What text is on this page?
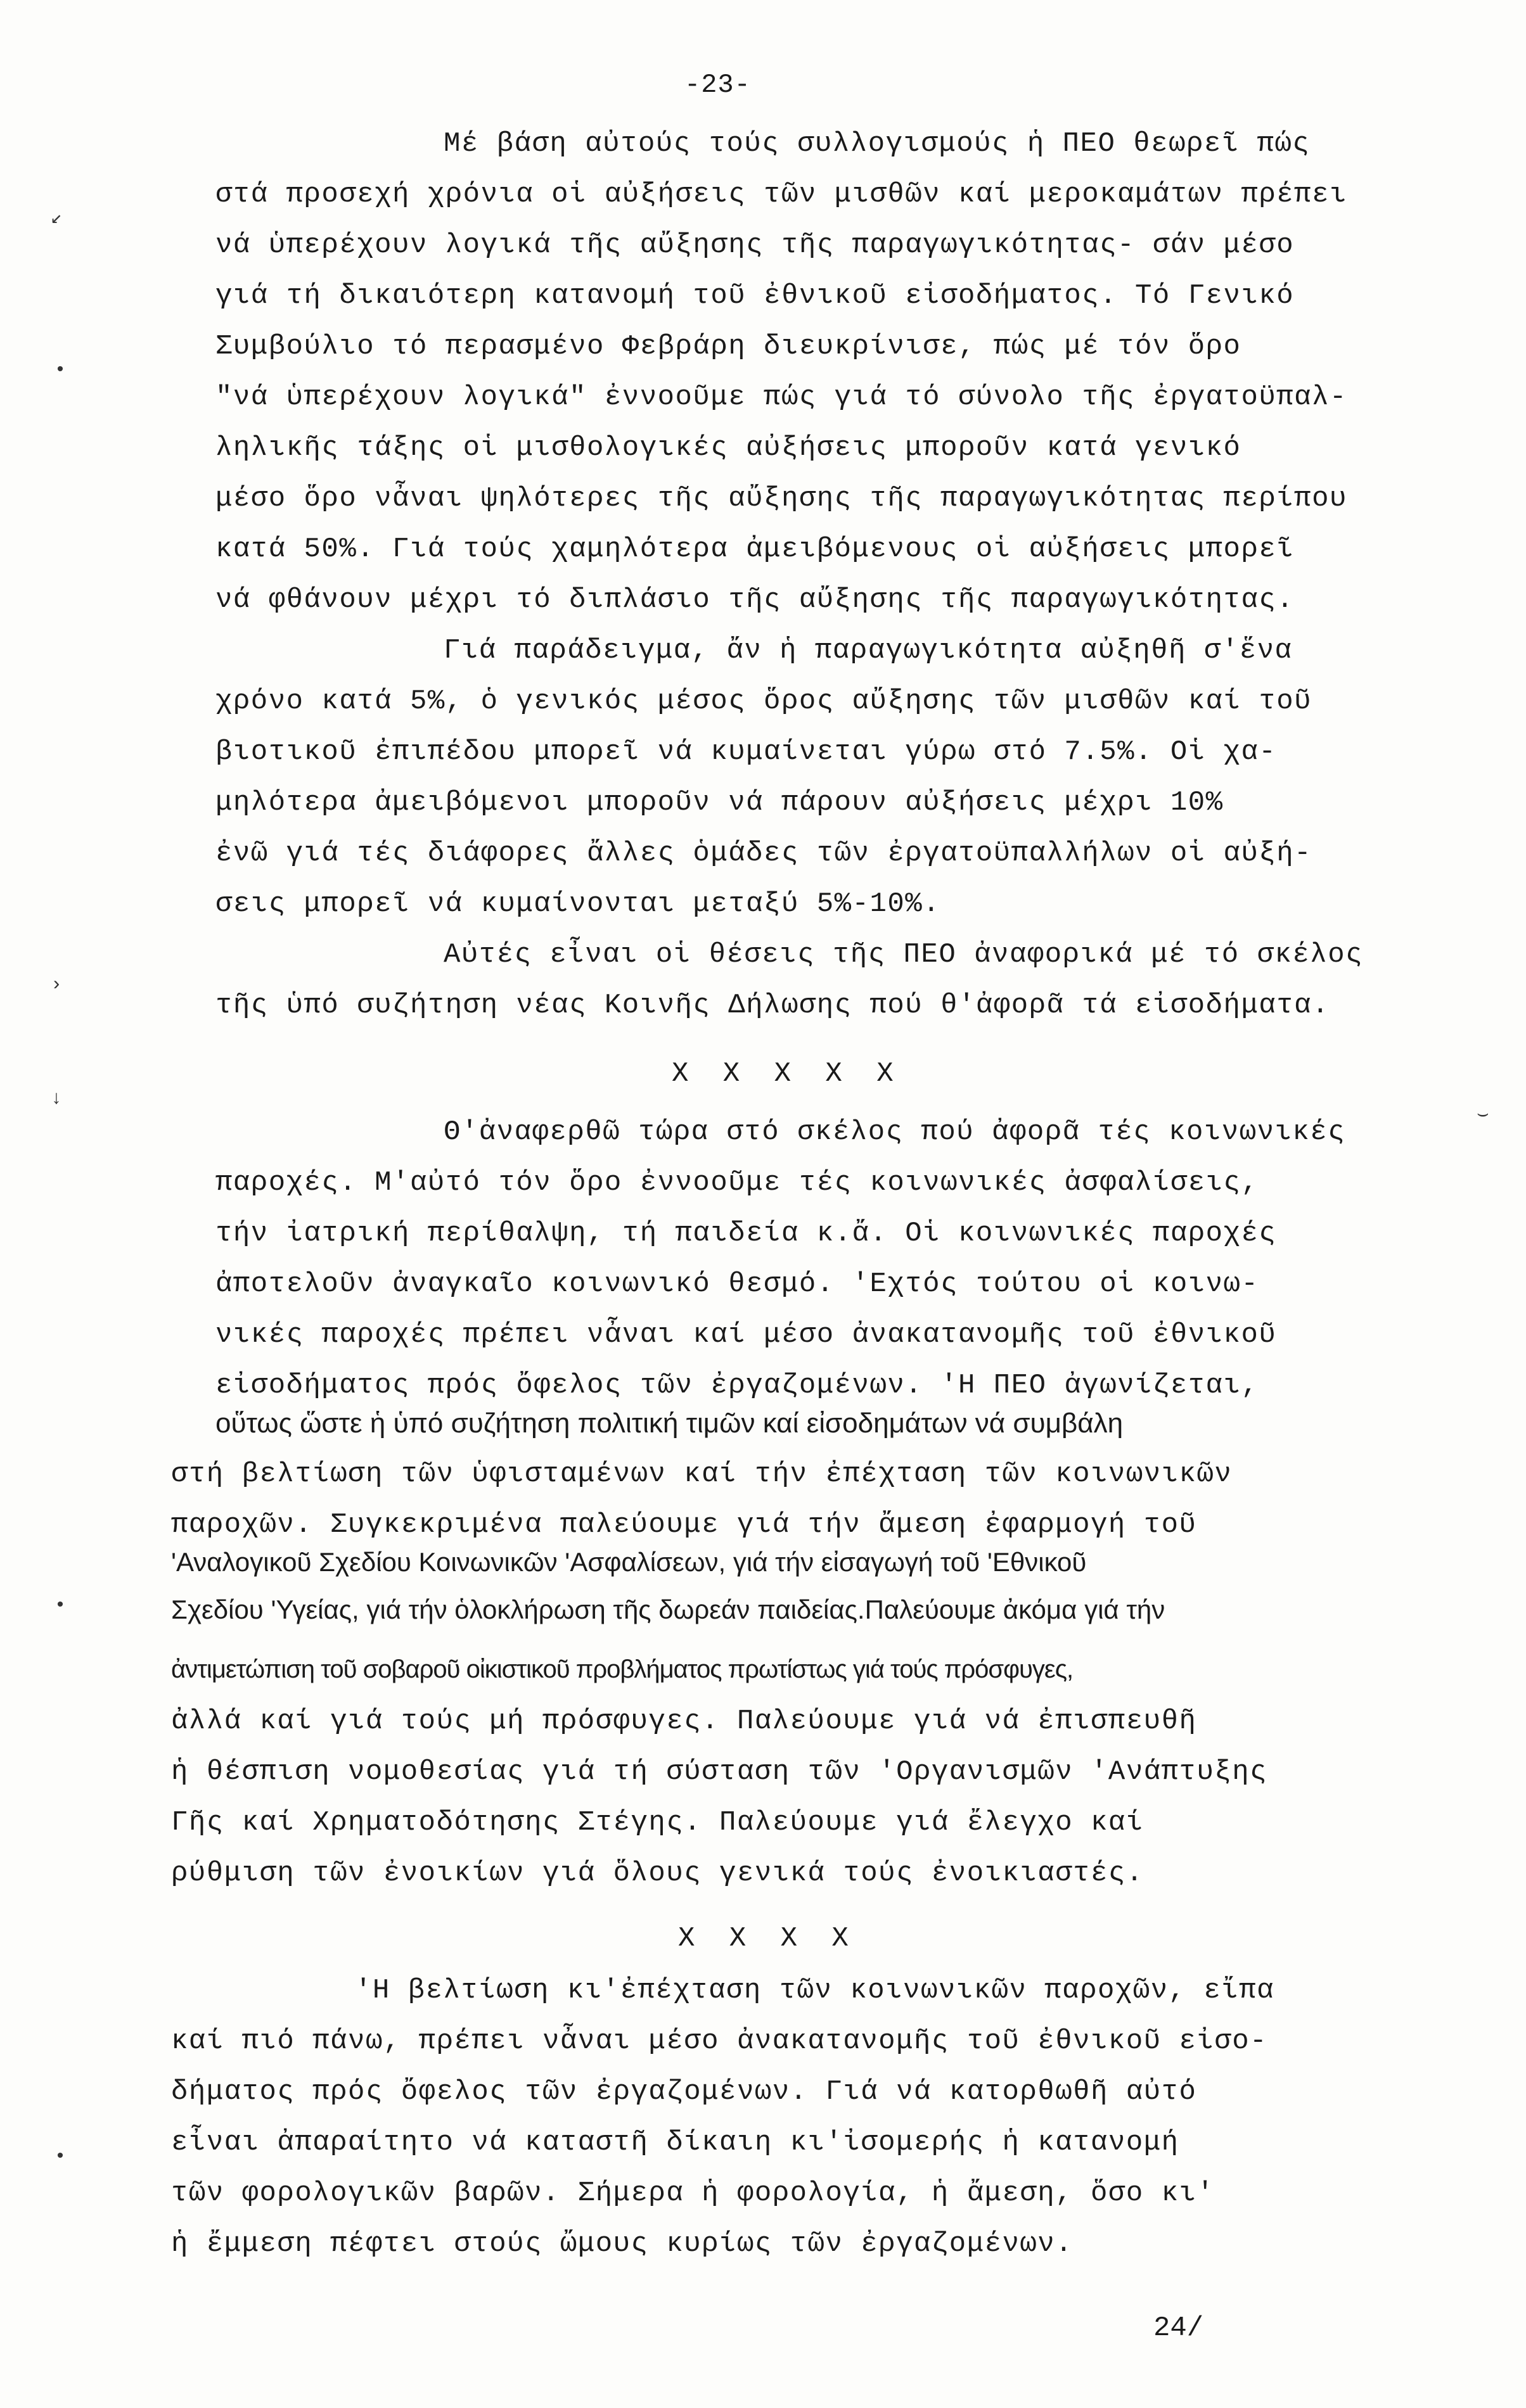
-23-
Μέ βάση αὐτούς τούς συλλογισμούς ἡ ΠΕΟ θεωρεῖ πώς
στά προσεχή χρόνια οἱ αὐξήσεις τῶν μισθῶν καί μεροκαμάτων πρέπει
νά ὑπερέχουν λογικά τῆς αὔξησης τῆς παραγωγικότητας- σάν μέσο
γιά τή δικαιότερη κατανομή τοῦ ἐθνικοῦ εἰσοδήματος. Τό Γενικό
Συμβούλιο τό περασμένο Φεβράρη διευκρίνισε, πώς μέ τόν ὅρο
"νά ὑπερέχουν λογικά" ἐννοοῦμε πώς γιά τό σύνολο τῆς ἐργατοϋπαλ-
ληλικῆς τάξης οἱ μισθολογικές αὐξήσεις μποροῦν κατά γενικό
μέσο ὅρο νἆναι ψηλότερες τῆς αὔξησης τῆς παραγωγικότητας περίπου
κατά 50%. Γιά τούς χαμηλότερα ἀμειβόμενους οἱ αὐξήσεις μπορεῖ
νά φθάνουν μέχρι τό διπλάσιο τῆς αὔξησης τῆς παραγωγικότητας.
Γιά παράδειγμα, ἄν ἡ παραγωγικότητα αὐξηθῆ σ'ἕνα
χρόνο κατά 5%, ὁ γενικός μέσος ὅρος αὔξησης τῶν μισθῶν καί τοῦ
βιοτικοῦ ἐπιπέδου μπορεῖ νά κυμαίνεται γύρω στό 7.5%. Οἱ χα-
μηλότερα ἀμειβόμενοι μποροῦν νά πάρουν αὐξήσεις μέχρι 10%
ἐνῶ γιά τές διάφορες ἄλλες ὁμάδες τῶν ἐργατοϋπαλλήλων οἱ αὐξή-
σεις μπορεῖ νά κυμαίνονται μεταξύ 5%-10%.
Αὐτές εἶναι οἱ θέσεις τῆς ΠΕΟ ἀναφορικά μέ τό σκέλος
τῆς ὑπό συζήτηση νέας Κοινῆς Δήλωσης πού θ'ἀφορᾶ τά εἰσοδήματα.
X X X X X
Θ'ἀναφερθῶ τώρα στό σκέλος πού ἀφορᾶ τές κοινωνικές
παροχές. Μ'αὐτό τόν ὅρο ἐννοοῦμε τές κοινωνικές ἀσφαλίσεις,
τήν ἰατρική περίθαλψη, τή παιδεία κ.ἄ. Οἱ κοινωνικές παροχές
ἀποτελοῦν ἀναγκαῖο κοινωνικό θεσμό. 'Εχτός τούτου οἱ κοινω-
νικές παροχές πρέπει νἆναι καί μέσο ἀνακατανομῆς τοῦ ἐθνικοῦ
εἰσοδήματος πρός ὄφελος τῶν ἐργαζομένων. 'Η ΠΕΟ ἀγωνίζεται,
οὕτως ὥστε ἡ ὑπό συζήτηση πολιτική τιμῶν καί εἰσοδημάτων νά συμβάλη
στή βελτίωση τῶν ὑφισταμένων καί τήν ἐπέχταση τῶν κοινωνικῶν
παροχῶν. Συγκεκριμένα παλεύουμε γιά τήν ἄμεση ἐφαρμογή τοῦ
'Αναλογικοῦ Σχεδίου Κοινωνικῶν 'Ασφαλίσεων, γιά τήν εἰσαγωγή τοῦ 'Εθνικοῦ
Σχεδίου 'Υγείας, γιά τήν ὁλοκλήρωση τῆς δωρεάν παιδείας.Παλεύουμε ἀκόμα γιά τήν
ἀντιμετώπιση τοῦ σοβαροῦ οἰκιστικοῦ προβλήματος πρωτίστως γιά τούς πρόσφυγες,
ἀλλά καί γιά τούς μή πρόσφυγες. Παλεύουμε γιά νά ἐπισπευθῆ
ἡ θέσπιση νομοθεσίας γιά τή σύσταση τῶν 'Οργανισμῶν 'Ανάπτυξης
Γῆς καί Χρηματοδότησης Στέγης. Παλεύουμε γιά ἔλεγχο καί
ρύθμιση τῶν ἐνοικίων γιά ὅλους γενικά τούς ἐνοικιαστές.
X X X X
'Η βελτίωση κι'ἐπέχταση τῶν κοινωνικῶν παροχῶν, εἴπα
καί πιό πάνω, πρέπει νἆναι μέσο ἀνακατανομῆς τοῦ ἐθνικοῦ εἰσο-
δήματος πρός ὄφελος τῶν ἐργαζομένων. Γιά νά κατορθωθῆ αὐτό
εἶναι ἀπαραίτητο νά καταστῆ δίκαιη κι'ἰσομερής ἡ κατανομή
τῶν φορολογικῶν βαρῶν. Σήμερα ἡ φορολογία, ἡ ἄμεση, ὅσο κι'
ἡ ἔμμεση πέφτει στούς ὤμους κυρίως τῶν ἐργαζομένων.
24/
↙
•
›
↓
•
•
⌣
